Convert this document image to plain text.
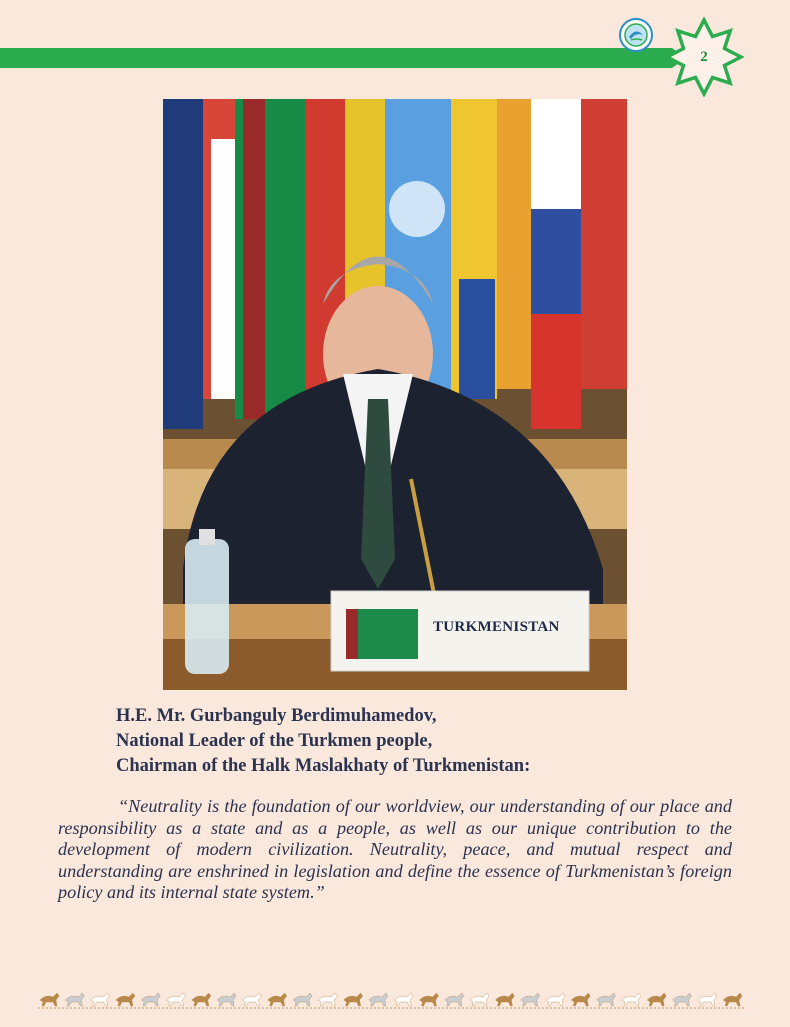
2
TURKMENISTAN
H.E. Mr. Gurbanguly Berdimuhamedov,
National Leader of the Turkmen people,
Chairman of the Halk Maslakhaty of Turkmenistan:

“Neutrality is the foundation of our worldview, our understanding of our place and responsibility as a state and as a people, as well as our unique contribution to the development of modern civilization. Neutrality, peace, and mutual respect and understanding are enshrined in legislation and define the essence of Turkmenistan’s foreign policy and its internal state system.”
